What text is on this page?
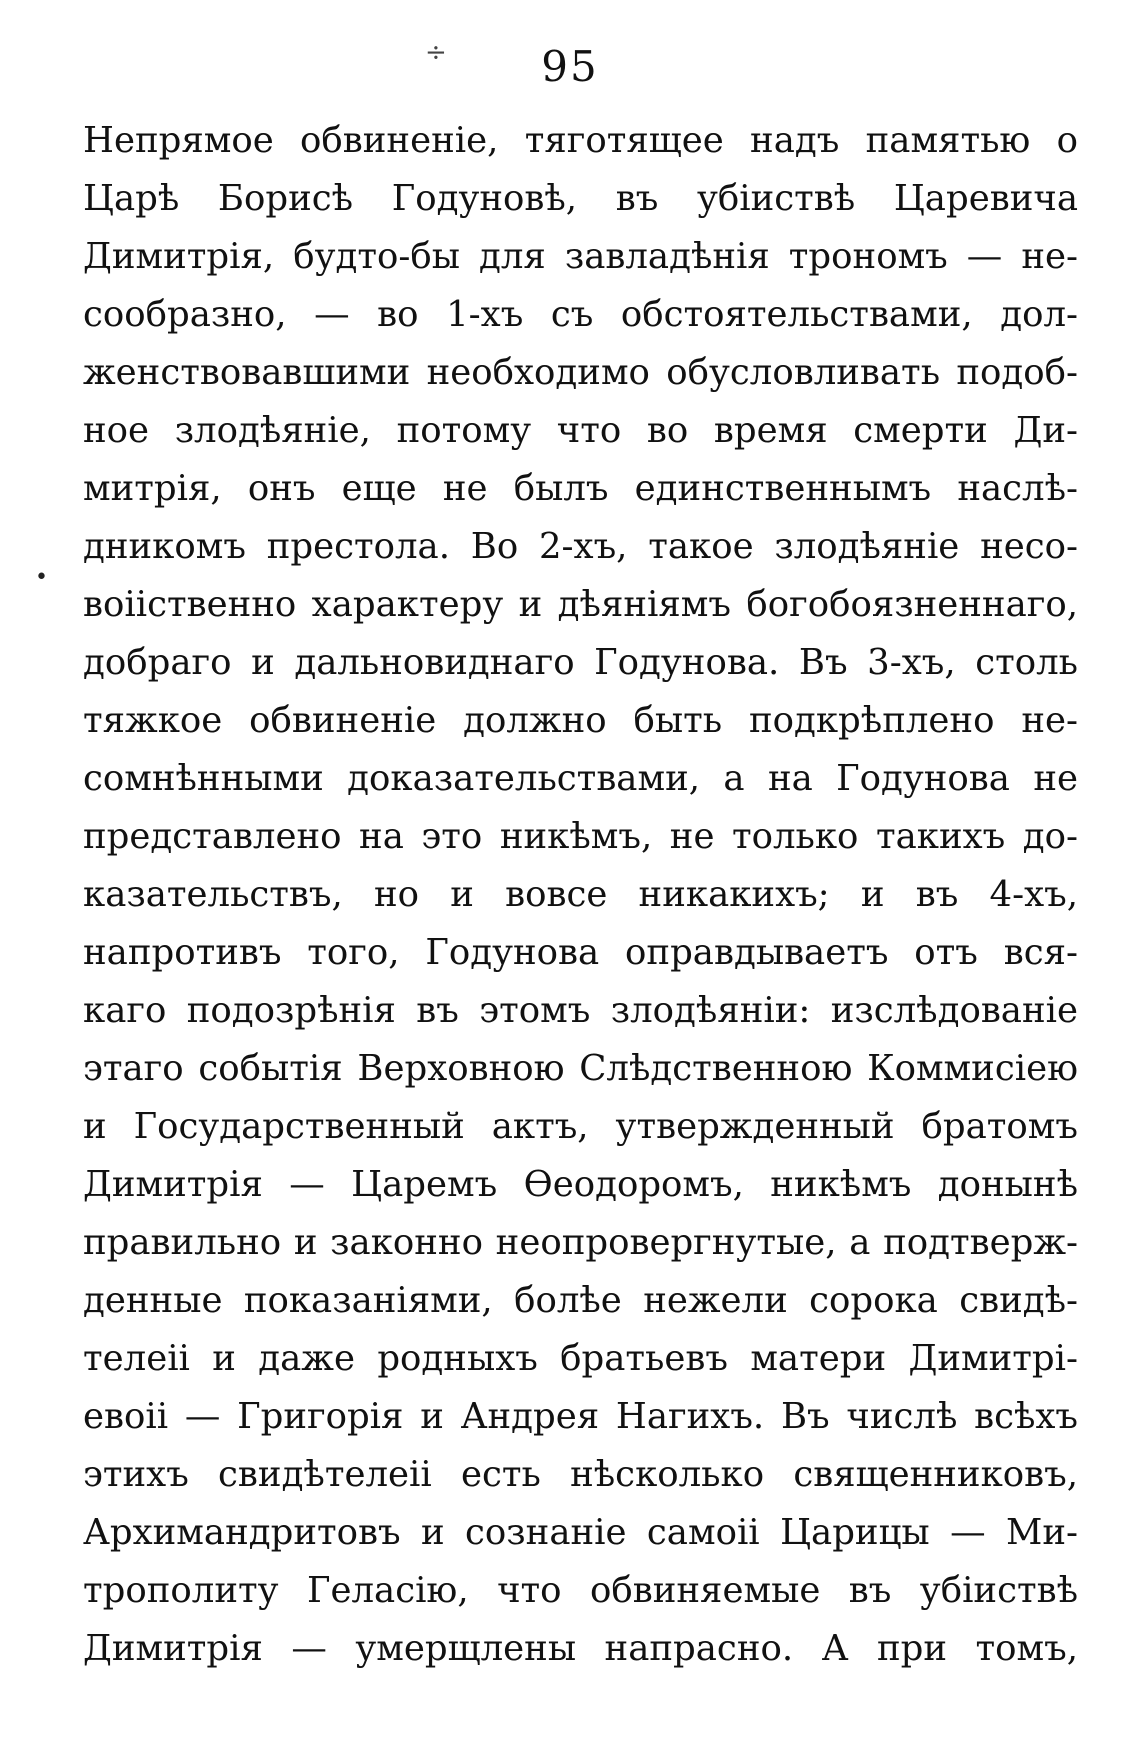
÷	95
•
Непрямое обвиненіе, тяготящее надъ памятью о
Царѣ Борисѣ Годуновѣ, въ убіиствѣ Царевича
Димитрія, будто-бы для завладѣнія трономъ — не-
сообразно, — во 1-хъ съ обстоятельствами, дол-
женствовавшими необходимо обусловливать подоб-
ное злодѣяніе, потому что во время смерти Ди-
митрія, онъ еще не былъ единственнымъ наслѣ-
дникомъ престола. Во 2-хъ, такое злодѣяніе несо-
воііственно характеру и дѣяніямъ богобоязненнаго,
добраго и дальновиднаго Годунова. Въ 3-хъ, столь
тяжкое обвиненіе должно быть подкрѣплено не-
сомнѣнными доказательствами, а на Годунова не
представлено на это никѣмъ, не только такихъ до-
казательствъ, но и вовсе никакихъ; и въ 4-хъ,
напротивъ того, Годунова оправдываетъ отъ вся-
каго подозрѣнія въ этомъ злодѣяніи: изслѣдованіе
этаго событія Верховною Слѣдственною Коммисіею
и Государственный актъ, утвержденный братомъ
Димитрія — Царемъ Өеодоромъ, никѣмъ донынѣ
правильно и законно неопровергнутые, а подтверж-
денные показаніями, болѣе нежели сорока свидѣ-
телеіі и даже родныхъ братьевъ матери Димитрі-
евоіі — Григорія и Андрея Нагихъ. Въ числѣ всѣхъ
этихъ свидѣтелеіі есть нѣсколько священниковъ,
Архимандритовъ и сознаніе самоіі Царицы — Ми-
трополиту Геласію, что обвиняемые въ убіиствѣ
Димитрія — умерщлены напрасно. А при томъ,
